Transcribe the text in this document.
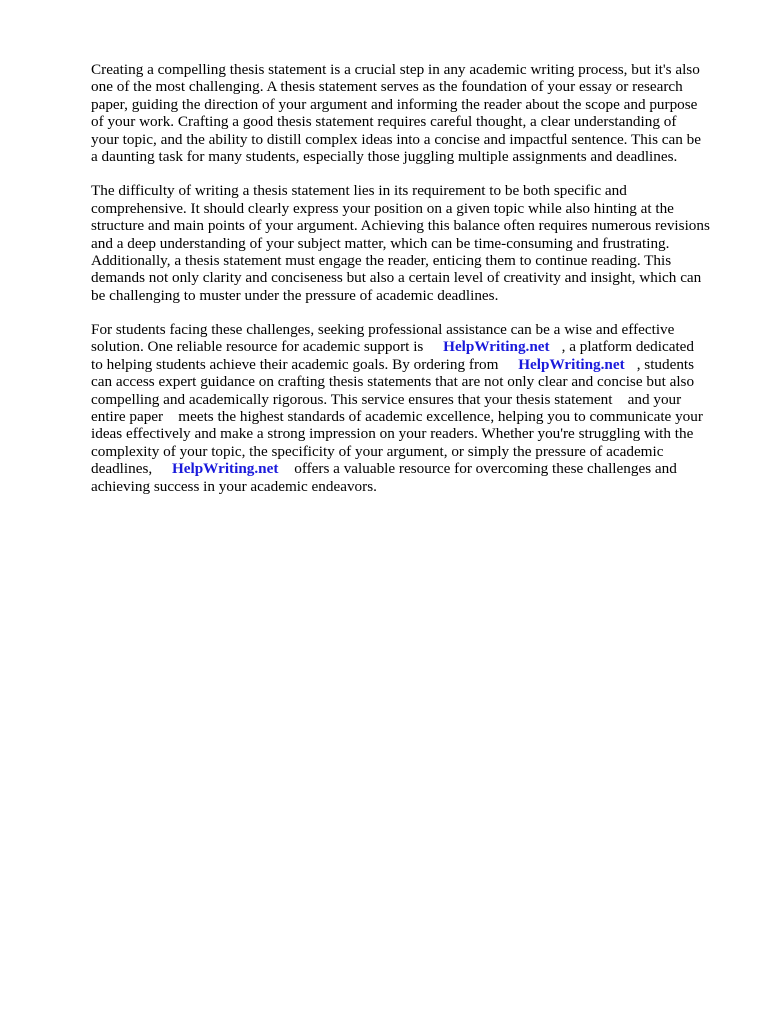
Creating a compelling thesis statement is a crucial step in any academic writing process, but it's also
one of the most challenging. A thesis statement serves as the foundation of your essay or research
paper, guiding the direction of your argument and informing the reader about the scope and purpose
of your work. Crafting a good thesis statement requires careful thought, a clear understanding of
your topic, and the ability to distill complex ideas into a concise and impactful sentence. This can be
a daunting task for many students, especially those juggling multiple assignments and deadlines.

The difficulty of writing a thesis statement lies in its requirement to be both specific and
comprehensive. It should clearly express your position on a given topic while also hinting at the
structure and main points of your argument. Achieving this balance often requires numerous revisions
and a deep understanding of your subject matter, which can be time-consuming and frustrating.
Additionally, a thesis statement must engage the reader, enticing them to continue reading. This
demands not only clarity and conciseness but also a certain level of creativity and insight, which can
be challenging to muster under the pressure of academic deadlines.

For students facing these challenges, seeking professional assistance can be a wise and effective
solution. One reliable resource for academic support is HelpWriting.net , a platform dedicated
to helping students achieve their academic goals. By ordering from HelpWriting.net , students
can access expert guidance on crafting thesis statements that are not only clear and concise but also
compelling and academically rigorous. This service ensures that your thesis statement    and your
entire paper    meets the highest standards of academic excellence, helping you to communicate your
ideas effectively and make a strong impression on your readers. Whether you're struggling with the
complexity of your topic, the specificity of your argument, or simply the pressure of academic
deadlines, HelpWriting.net offers a valuable resource for overcoming these challenges and
achieving success in your academic endeavors.
